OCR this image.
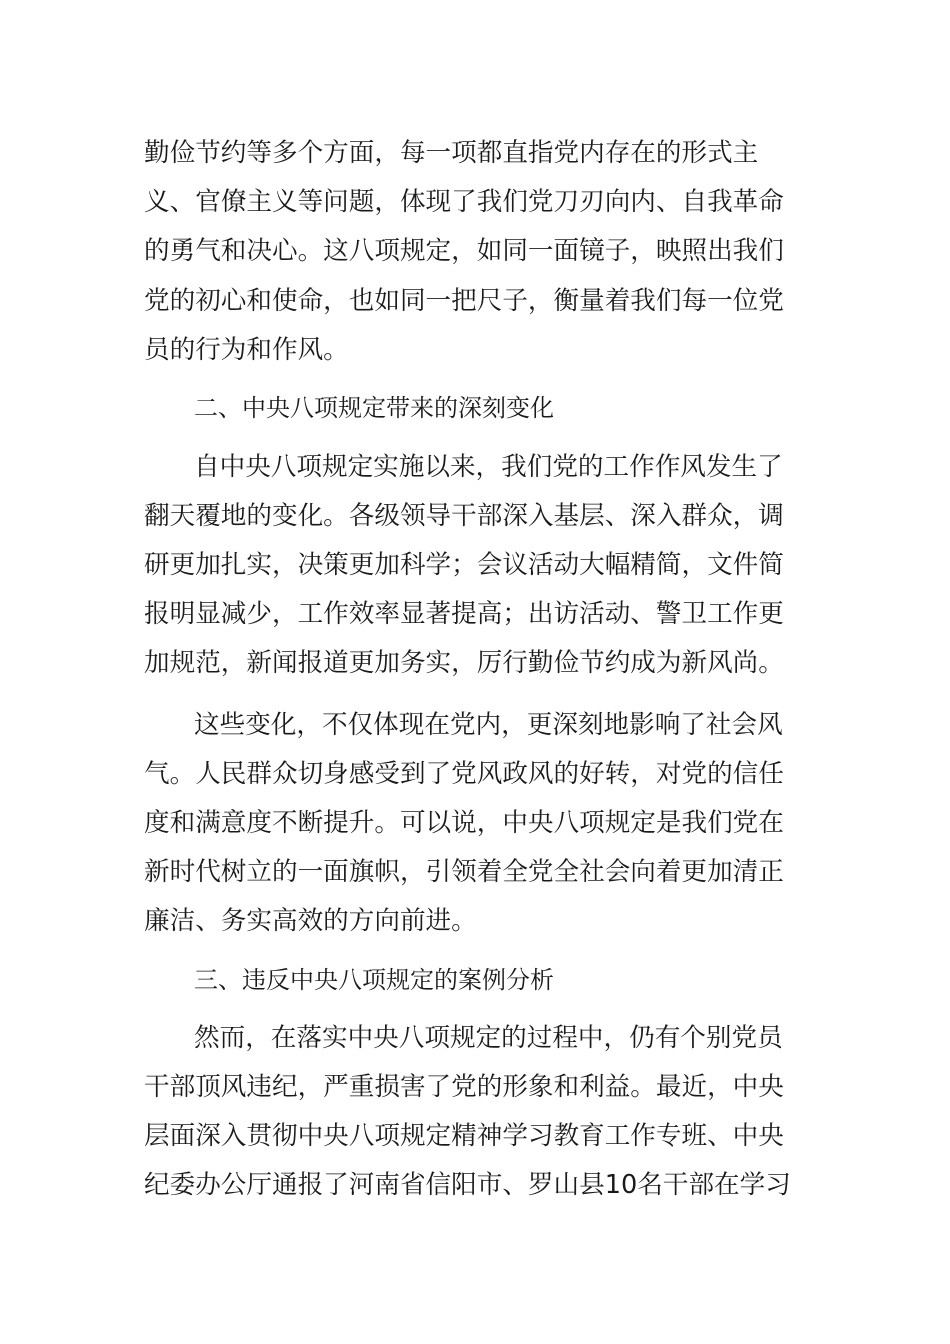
勤俭节约等多个方面，每一项都直指党内存在的形式主
义、官僚主义等问题，体现了我们党刀刃向内、自我革命
的勇气和决心。这八项规定，如同一面镜子，映照出我们
党的初心和使命，也如同一把尺子，衡量着我们每一位党
员的行为和作风。
二、中央八项规定带来的深刻变化
自中央八项规定实施以来，我们党的工作作风发生了
翻天覆地的变化。各级领导干部深入基层、深入群众，调
研更加扎实，决策更加科学；会议活动大幅精简，文件简
报明显减少，工作效率显著提高；出访活动、警卫工作更
加规范，新闻报道更加务实，厉行勤俭节约成为新风尚。
这些变化，不仅体现在党内，更深刻地影响了社会风
气。人民群众切身感受到了党风政风的好转，对党的信任
度和满意度不断提升。可以说，中央八项规定是我们党在
新时代树立的一面旗帜，引领着全党全社会向着更加清正
廉洁、务实高效的方向前进。
三、违反中央八项规定的案例分析
然而，在落实中央八项规定的过程中，仍有个别党员
干部顶风违纪，严重损害了党的形象和利益。最近，中央
层面深入贯彻中央八项规定精神学习教育工作专班、中央
纪委办公厅通报了河南省信阳市、罗山县10名干部在学习
